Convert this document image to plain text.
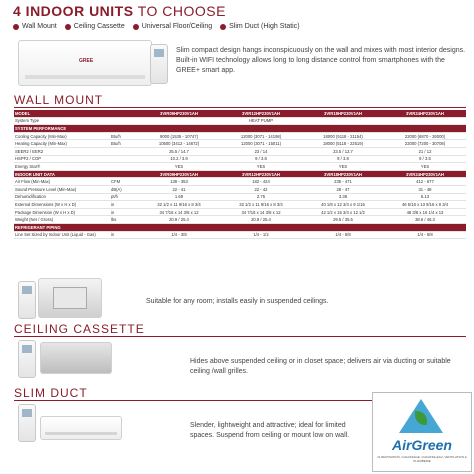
4 INDOOR UNITS TO CHOOSE
Wall Mount Ceiling Cassette Universal Floor/Ceiling Slim Duct (High Static)
GREE
Slim compact design hangs inconspicuously on the wall and mixes with most interior designs. Built-in WIFI technology allows long to long distance control from smartphones with the GREE+ smart app.
WALL MOUNT
MODEL		3VIR09HP230V1AH	3VIR12HP230V1AH	3VIR18HP230V1AH	3VIR24HP230V1AH
System Type			HEAT PUMP		
SYSTEM PERFORMANCE					
Cooling Capacity (Min-Max)	Btu/h	9000 (1535 - 10747)	12000 (3071 - 14198)	18000 (5118 - 21154)	22000 (6870 - 26000)
Heating Capacity (Min-Max)	Btu/h	10500 (3412 - 14672)	12000 (3071 - 15011)	18000 (5118 - 22519)	22000 (7200 - 30708)
SEER2 / EER2		25.5 / 14.7	23 / 14	23.5 / 12.7	21 / 12
HSPF2 / COP		10.2 / 3.9	9 / 3.8	9 / 3.8	9 / 3.5
Energy Star®		YES	YES	YES	YES
INDOOR UNIT DATA		3VIR09HP230V1AH	3VIR12HP230V1AH	3VIR18HP230V1AH	3VIR24HP230V1AH
Air Flow (Min-Max)	CFM	139 - 353	182 - 424	235 - 471	412 - 677
Sound Pressure Level (Min-Max)	dB(A)	22 - 41	22 - 42	28 - 47	31 - 48
Dehumidification	pt/h	1.69	2.75	3.38	6.13
External Dimensions (W x H x D)	in	32 1/2 x 11 9/16 x 8 3/4	32 1/2 x 11 9/16 x 8 3/4	40 1/8 x 12 3/4 x 9 1/16	46 5/16 x 13 9/16 x 9 3/4
Package Dimension (W x H x D)	in	34 7/16 x 14 3/8 x 12	34 7/16 x 14 3/8 x 12	42 1/2 x 15 3/4 x 12 1/2	48 3/8 x 16 1/4 x 13
Weight (Net / Gross)	lbs	20.9 / 25.4	20.9 / 25.4	29.5 / 35.5	38.6 / 46.3
REFRIGERANT PIPING					
Line Set Sized by Indoor Unit (Liquid - Gas)	in	1/4 - 3/8	1/4 - 1/2	1/4 - 5/8	1/4 - 5/8
Suitable for any room; installs easily in suspended ceilings.
CEILING CASSETTE
Hides above suspended ceiling or in closet space; delivers air via ducting or suitable ceiling /wall grilles.
SLIM DUCT
Slender, lightweight and attractive; ideal for limited spaces. Suspend from ceiling or mount low on wall.
AirGreen
CLIMATISATION, CHAUFFAGE, CHAUFFE-EAU, VENTILATION & PLOMBERIE
